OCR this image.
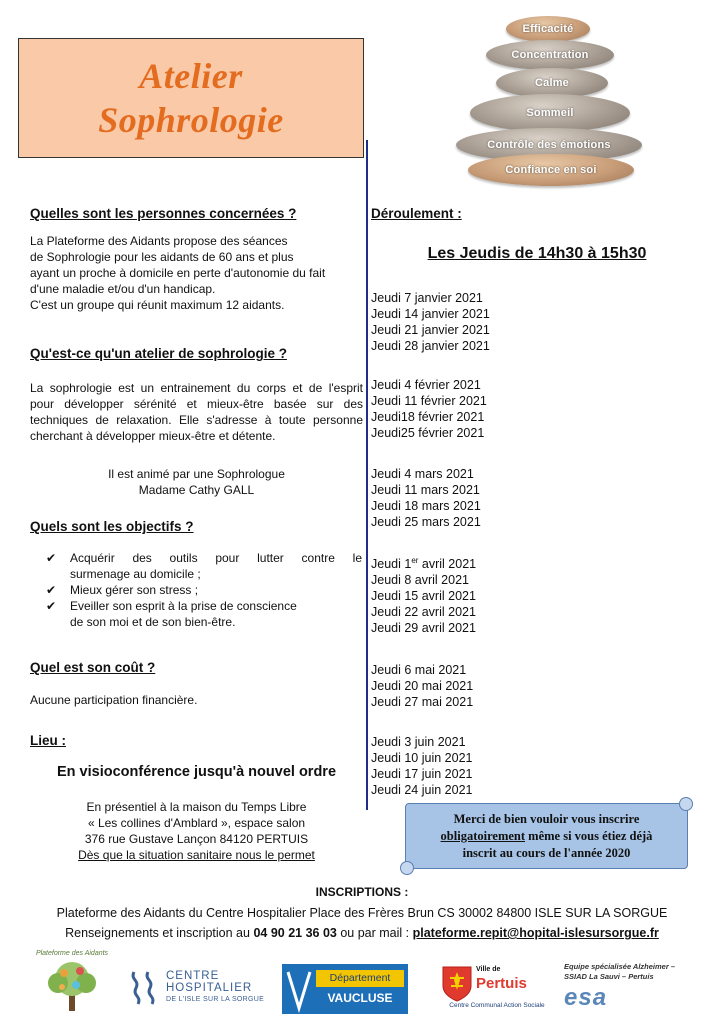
Atelier
Sophrologie
Efficacité
Concentration
Calme
Sommeil
Contrôle des émotions
Confiance en soi
Quelles sont les personnes concernées ?
La Plateforme des Aidants propose des séances
de Sophrologie pour les aidants de 60 ans et plus
ayant un proche à domicile en perte d'autonomie du fait
d'une maladie et/ou d'un handicap.
C'est un groupe qui réunit maximum 12 aidants.
Qu'est-ce qu'un atelier de sophrologie ?
La sophrologie est un entrainement du corps et de l'esprit
pour développer sérénité et mieux-être basée sur des
techniques de relaxation. Elle s'adresse à toute personne
cherchant à développer mieux-être et détente.
Il est animé par une Sophrologue
Madame Cathy GALL
Quels sont les objectifs ?
✔ Acquérir des outils pour lutter contre le
surmenage au domicile ;
✔ Mieux gérer son stress ;
✔ Eveiller son esprit à la prise de conscience
de son moi et de son bien-être.
Quel est son coût ?
Aucune participation financière.
Lieu :
En visioconférence jusqu'à nouvel ordre
En présentiel à la maison du Temps Libre
« Les collines d'Amblard », espace salon
376 rue Gustave Lançon 84120 PERTUIS
Dès que la situation sanitaire nous le permet
Déroulement :
Les Jeudis de 14h30 à 15h30
Jeudi 7 janvier 2021
Jeudi 14 janvier 2021
Jeudi 21 janvier 2021
Jeudi 28 janvier 2021
Jeudi 4 février 2021
Jeudi 11 février 2021
Jeudi18 février 2021
Jeudi25 février 2021
Jeudi 4 mars 2021
Jeudi 11 mars 2021
Jeudi 18 mars 2021
Jeudi 25 mars 2021
Jeudi 1er avril 2021
Jeudi 8 avril 2021
Jeudi 15 avril 2021
Jeudi 22 avril 2021
Jeudi 29 avril 2021
Jeudi 6 mai 2021
Jeudi 20 mai 2021
Jeudi 27 mai 2021
Jeudi 3 juin 2021
Jeudi 10 juin 2021
Jeudi 17 juin 2021
Jeudi 24 juin 2021
Merci de bien vouloir vous inscrire
obligatoirement même si vous étiez déjà
inscrit au cours de l'année 2020
INSCRIPTIONS :
Plateforme des Aidants du Centre Hospitalier Place des Frères Brun CS 30002 84800 ISLE SUR LA SORGUE
Renseignements et inscription au 04 90 21 36 03 ou par mail : plateforme.repit@hopital-islesursorgue.fr
Plateforme des Aidants
CENTRE
HOSPITALIER
DE L'ISLE SUR LA SORGUE
Département
VAUCLUSE
Ville de
Pertuis
Centre Communal Action Sociale
Equipe spécialisée Alzheimer –
SSIAD La Sauvi – Pertuis
esa
